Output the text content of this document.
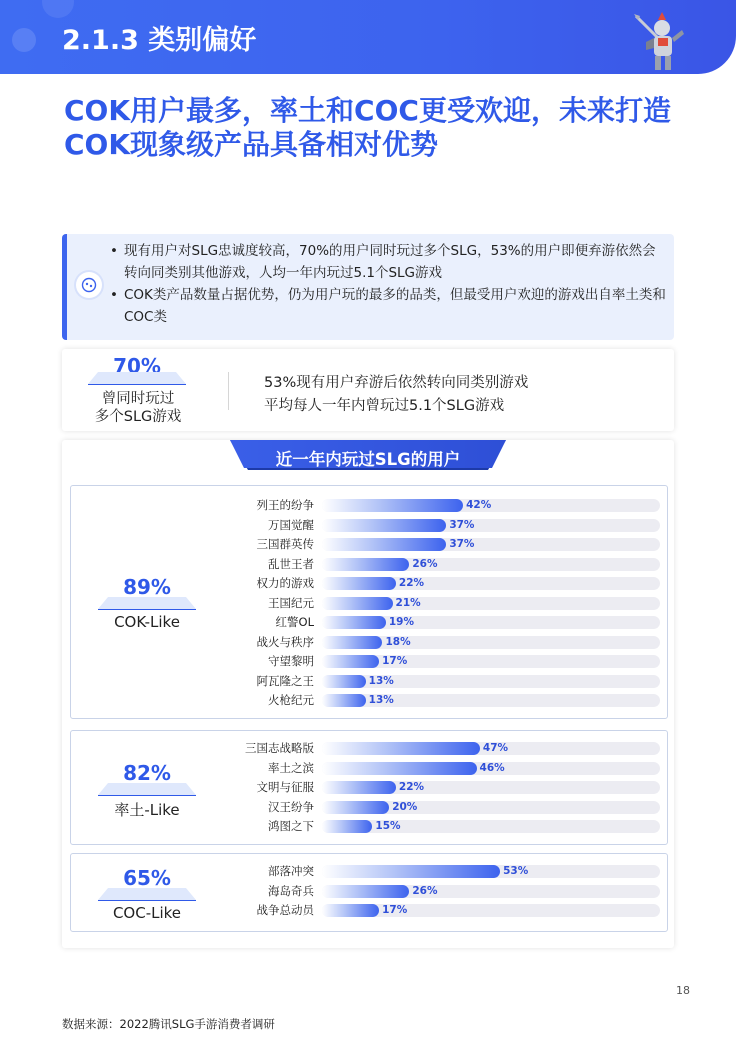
2.1.3 类别偏好
COK用户最多，率土和COC更受欢迎，未来打造
COK现象级产品具备相对优势
• 现有用户对SLG忠诚度较高，70%的用户同时玩过多个SLG，53%的用户即便弃游依然会转向同类别其他游戏，人均一年内玩过5.1个SLG游戏
• COK类产品数量占据优势，仍为用户玩的最多的品类，但最受用户欢迎的游戏出自率土类和COC类
70%
曾同时玩过
多个SLG游戏
53%现有用户弃游后依然转向同类别游戏
平均每人一年内曾玩过5.1个SLG游戏
近一年内玩过SLG的用户
89%
COK-Like
列王的纷争	42%
万国觉醒	37%
三国群英传	37%
乱世王者	26%
权力的游戏	22%
王国纪元	21%
红警OL	19%
战火与秩序	18%
守望黎明	17%
阿瓦隆之王	13%
火枪纪元	13%
82%
率土-Like
三国志战略版	47%
率土之滨	46%
文明与征服	22%
汉王纷争	20%
鸿图之下	15%
65%
COC-Like
部落冲突	53%
海岛奇兵	26%
战争总动员	17%
18
数据来源：2022腾讯SLG手游消费者调研
